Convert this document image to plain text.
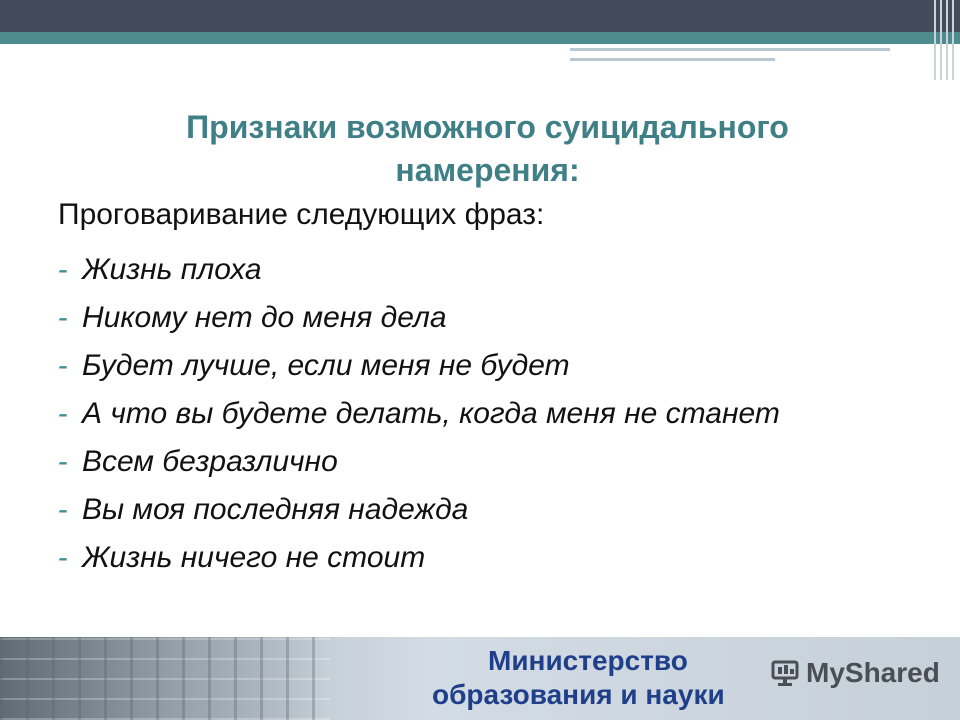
Признаки возможного суицидального намерения:
Проговаривание следующих фраз:
- Жизнь плоха
- Никому нет до меня дела
- Будет лучше, если меня не будет
- А что вы будете делать, когда меня не станет
- Всем безразлично
- Вы моя последняя надежда
- Жизнь ничего не стоит
Министерство
образования и науки
MyShared
